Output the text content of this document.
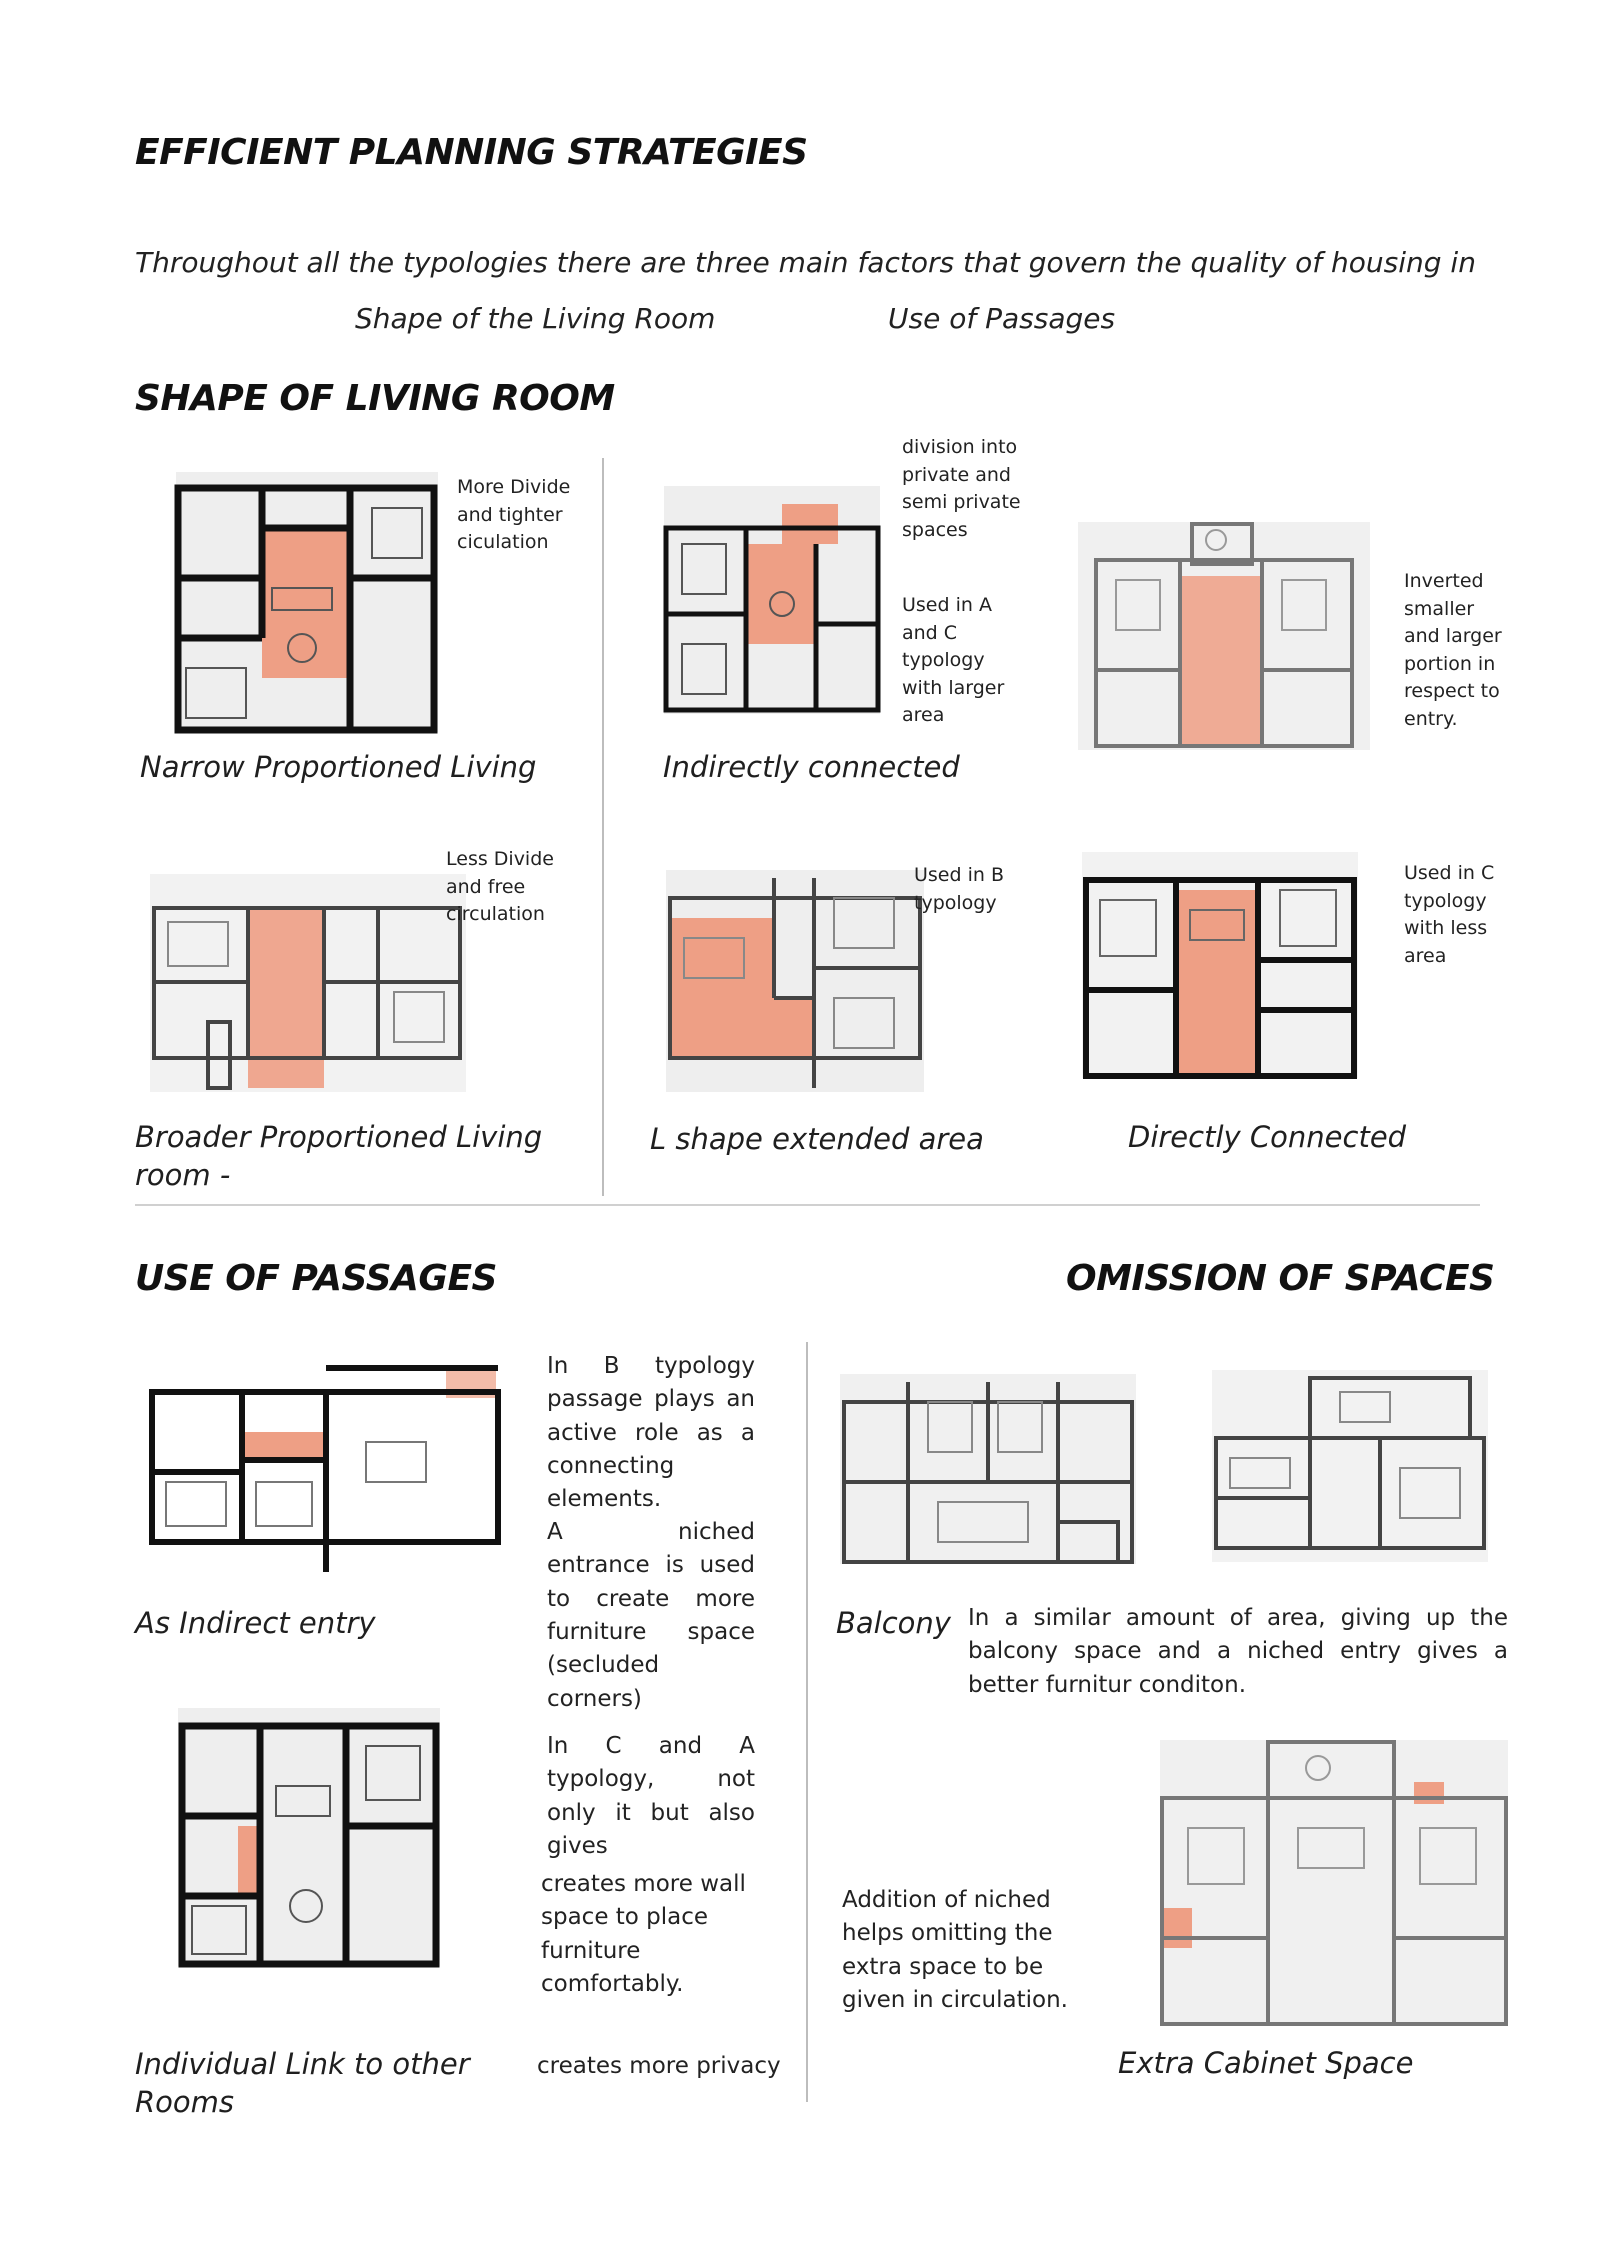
EFFICIENT PLANNING STRATEGIES
Throughout all the typologies there are three main factors that govern the quality of housing in
Shape of the Living Room	Use of Passages
SHAPE OF LIVING ROOM
More Divide and tighter ciculation
Narrow Proportioned Living
division into private and semi private spaces
Used in A and C typology with larger area
Indirectly connected
Inverted smaller and larger portion in respect to entry.
Less Divide and free circulation
Broader Proportioned Living room -
Used in B typology
L shape extended area
Used in C typology with less area
Directly Connected
USE OF PASSAGES	OMISSION OF SPACES
As Indirect entry
In B typology passage plays an active role as a connecting elements.
A niched entrance is used to create more furniture space (secluded corners)
In C and A typology, not only it but also gives
creates more wall space to place furniture comfortably.
creates more privacy
Individual Link to other Rooms
Balcony In a similar amount of area, giving up the balcony space and a niched entry gives a better furnitur conditon.
Addition of niched helps omitting the extra space to be given in circulation.
Extra Cabinet Space
